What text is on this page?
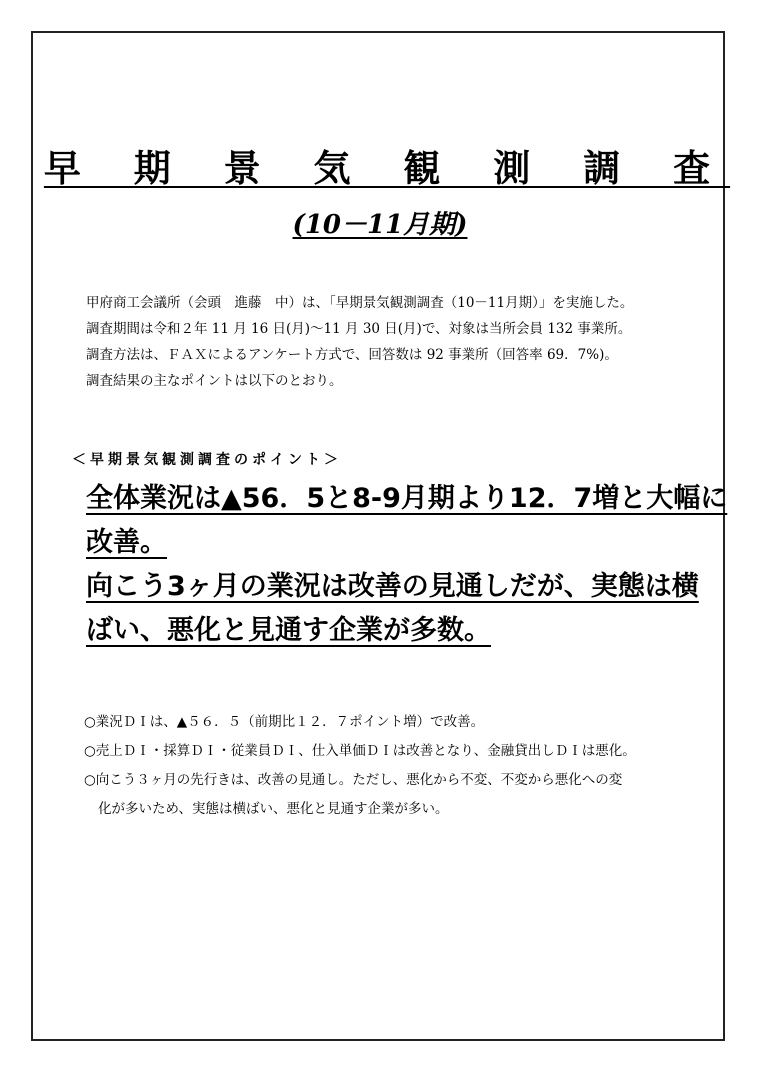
早 期 景 気 観 測 調 査
(10－11月期)

甲府商工会議所（会頭　進藤　中）は、「早期景気観測調査（10－11月期）」を実施した。

調査期間は令和２年 11 月 16 日(月)～11 月 30 日(月)で、対象は当所会員 132 事業所。

調査方法は、ＦＡＸによるアンケート方式で、回答数は 92 事業所（回答率 69．7%)。

調査結果の主なポイントは以下のとおり。

＜早期景気観測調査のポイント＞

全体業況は▲56．5と8-9月期より12．7増と大幅に

改善。

向こう3ヶ月の業況は改善の見通しだが、実態は横

ばい、悪化と見通す企業が多数。

○業況ＤＩは、▲５６．５（前期比１２．７ポイント増）で改善。

○売上ＤＩ・採算ＤＩ・従業員ＤＩ、仕入単価ＤＩは改善となり、金融貸出しＤＩは悪化。

○向こう３ヶ月の先行きは、改善の見通し。ただし、悪化から不変、不変から悪化への変

化が多いため、実態は横ばい、悪化と見通す企業が多い。
